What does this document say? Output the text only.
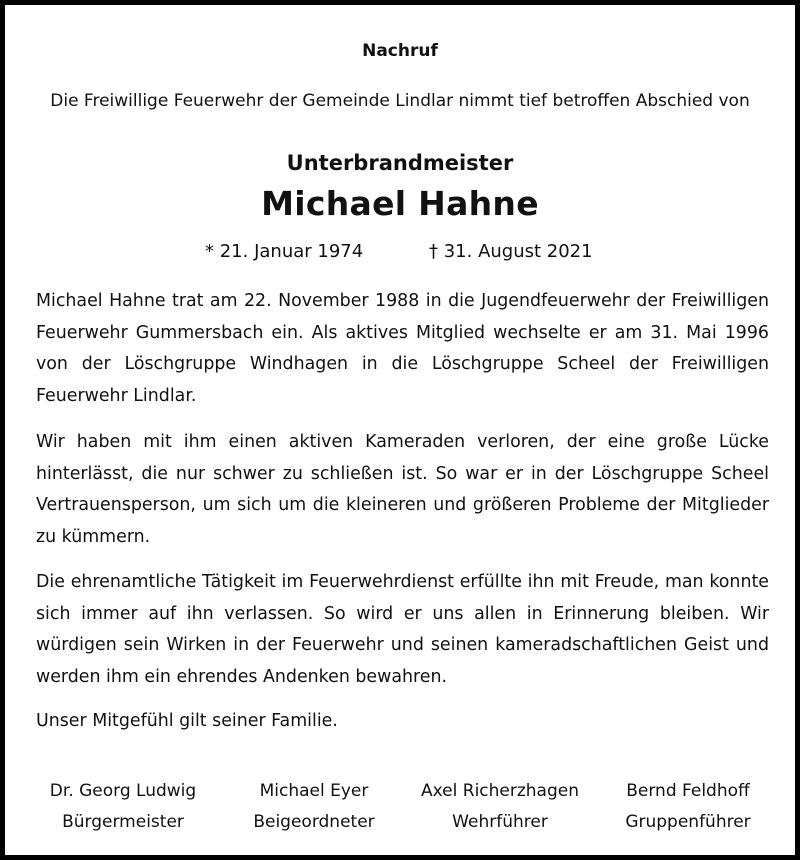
Nachruf
Die Freiwillige Feuerwehr der Gemeinde Lindlar nimmt tief betroffen Abschied von
Unterbrandmeister
Michael Hahne
* 21. Januar 1974	† 31. August 2021
Michael Hahne trat am 22. November 1988 in die Jugendfeuerwehr der Freiwilligen Feuerwehr Gummersbach ein. Als aktives Mitglied wechselte er am 31. Mai 1996 von der Löschgruppe Windhagen in die Löschgruppe Scheel der Freiwilligen Feuerwehr Lindlar.
Wir haben mit ihm einen aktiven Kameraden verloren, der eine große Lücke hinterlässt, die nur schwer zu schließen ist. So war er in der Löschgruppe Scheel Vertrauensperson, um sich um die kleineren und größeren Probleme der Mitglieder zu kümmern.
Die ehrenamtliche Tätigkeit im Feuerwehrdienst erfüllte ihn mit Freude, man konnte sich immer auf ihn verlassen. So wird er uns allen in Erinnerung bleiben. Wir würdigen sein Wirken in der Feuerwehr und seinen kameradschaftlichen Geist und werden ihm ein ehrendes Andenken bewahren.
Unser Mitgefühl gilt seiner Familie.
Dr. Georg Ludwig
Bürgermeister
Michael Eyer
Beigeordneter
Axel Richerzhagen
Wehrführer
Bernd Feldhoff
Gruppenführer
